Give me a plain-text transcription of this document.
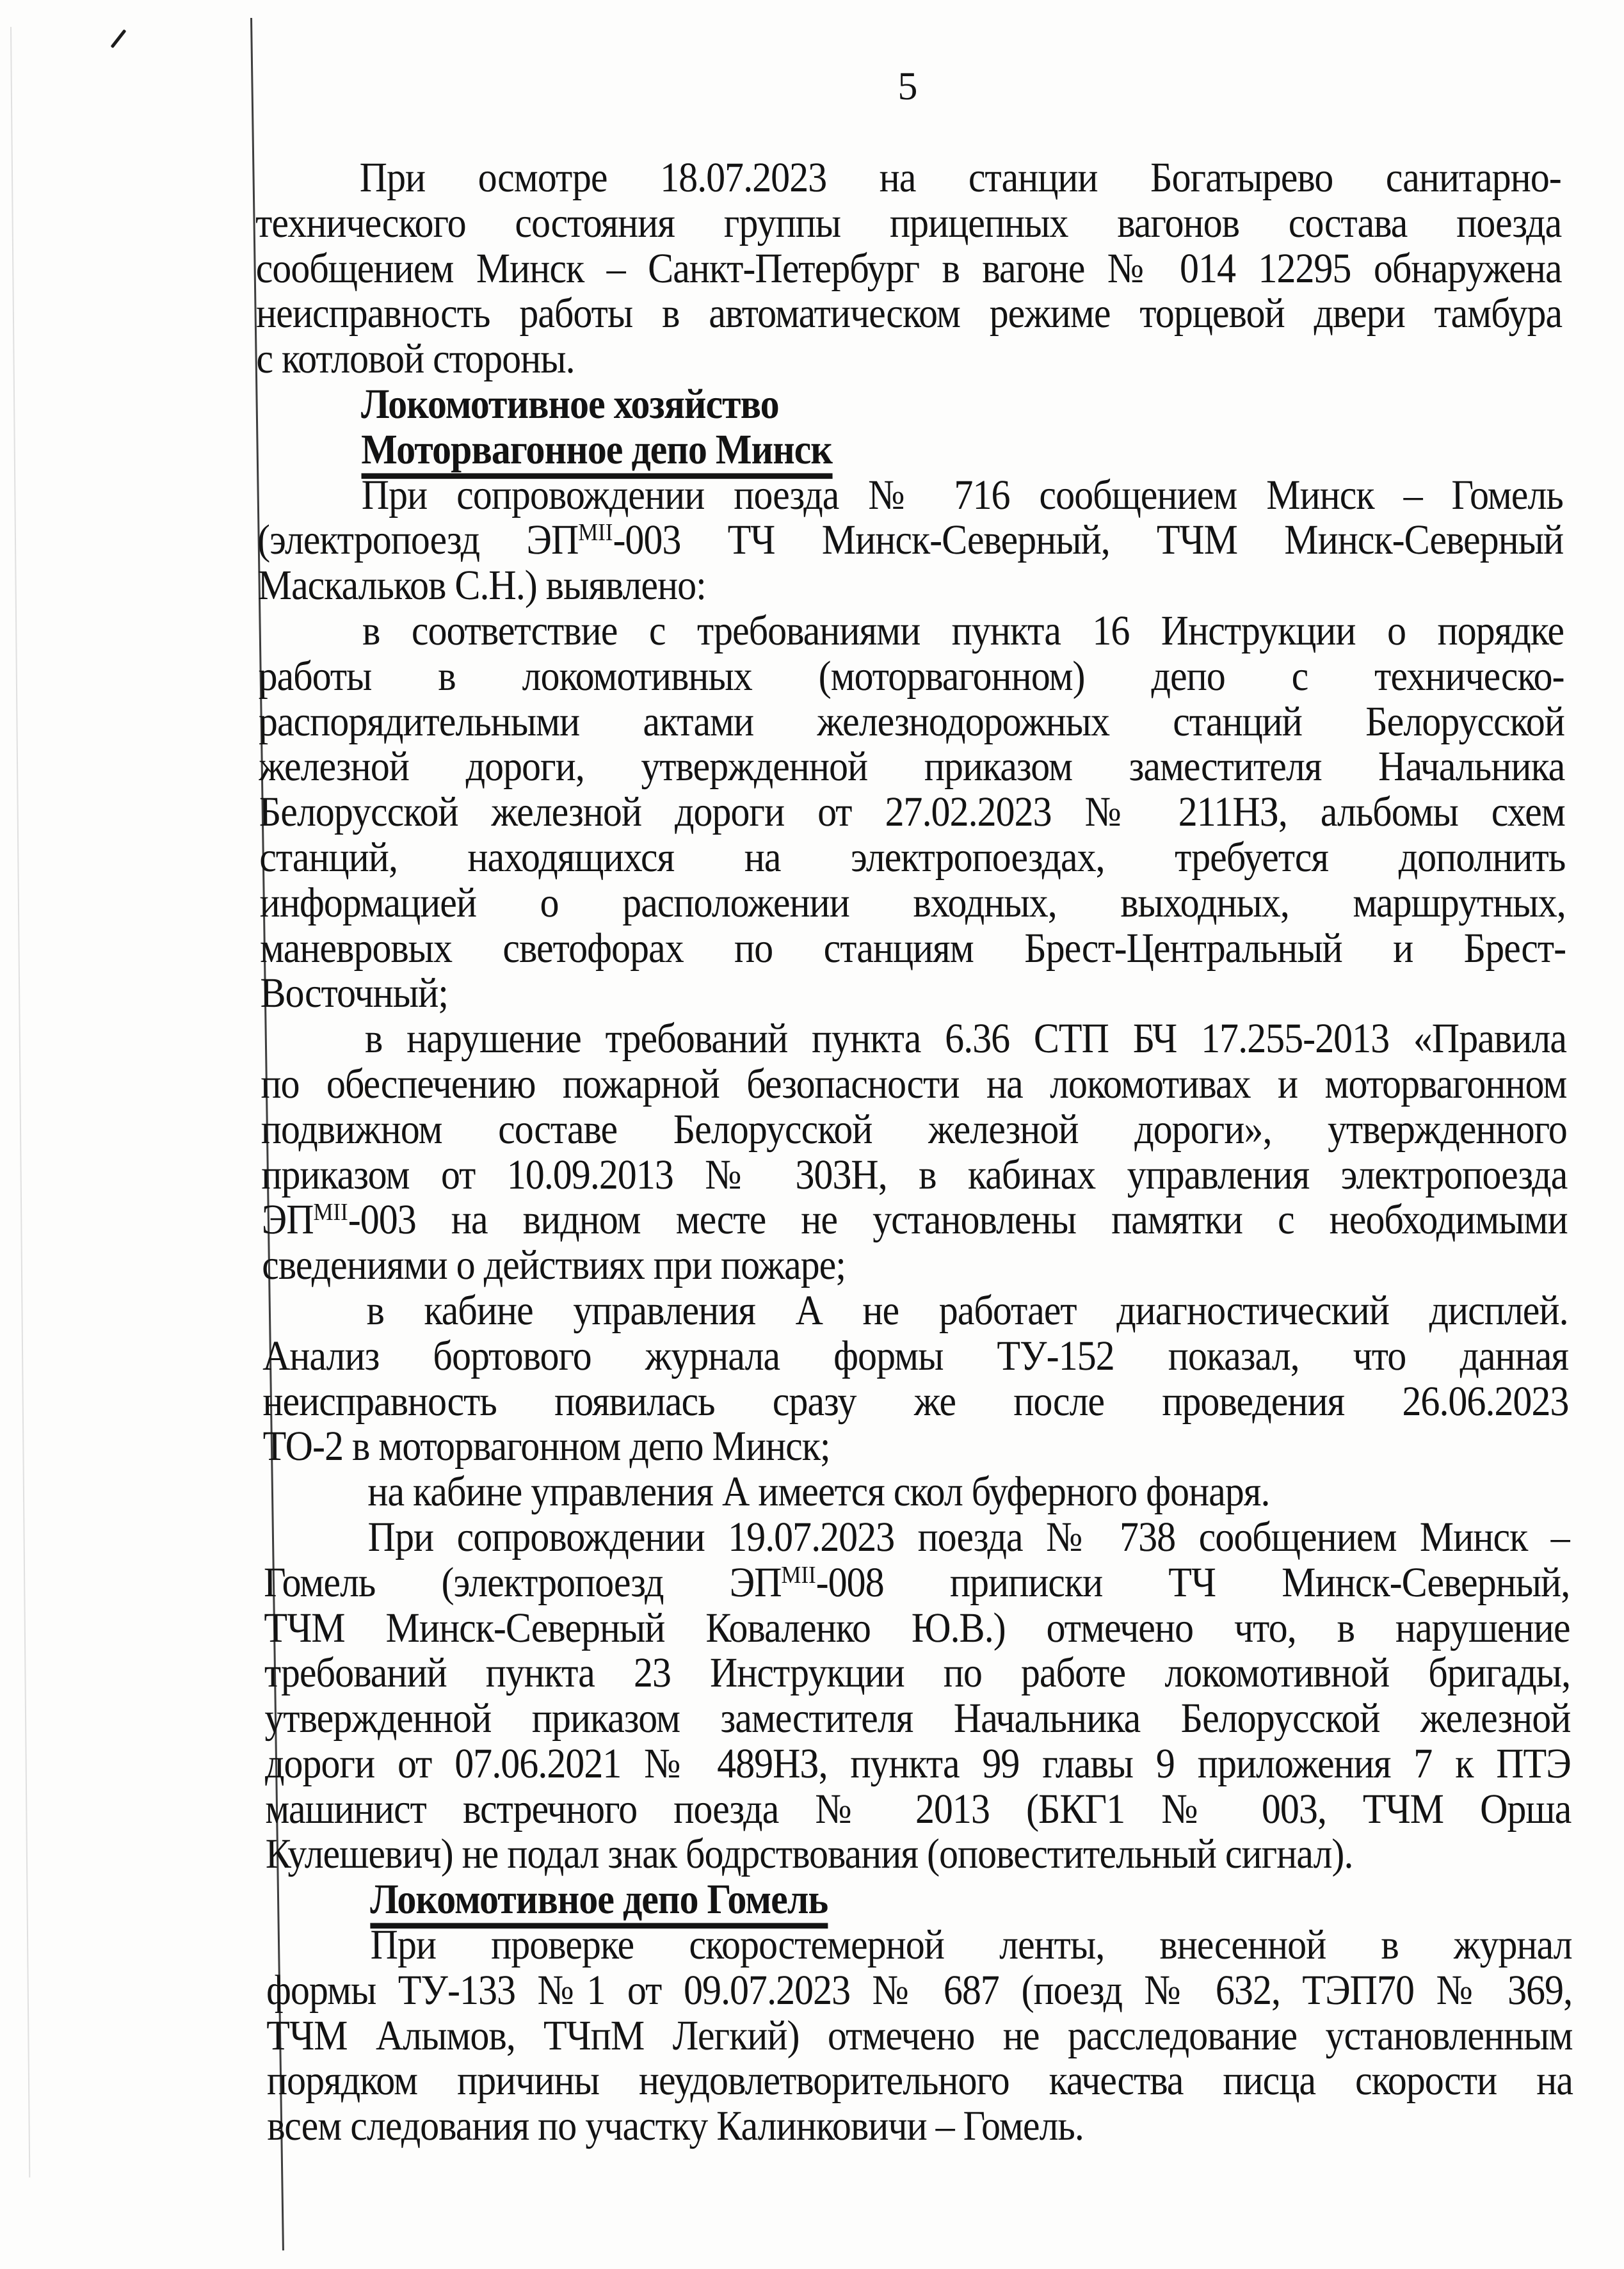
5
При осмотре 18.07.2023 на станции Богатырево санитарно-
технического состояния группы прицепных вагонов состава поезда
сообщением Минск – Санкт-Петербург в вагоне № 014 12295 обнаружена
неисправность работы в автоматическом режиме торцевой двери тамбура
с котловой стороны.
Локомотивное хозяйство
Моторвагонное депо Минск
При сопровождении поезда № 716 сообщением Минск – Гомель
(электропоезд $ЭП^{МII}-003$ ТЧ Минск-Северный, ТЧМ Минск-Северный
Маскальков С.Н.) выявлено:
в соответствие с требованиями пункта 16 Инструкции о порядке
работы в локомотивных (моторвагонном) депо с техническо-
распорядительными актами железнодорожных станций Белорусской
железной дороги, утвержденной приказом заместителя Начальника
Белорусской железной дороги от 27.02.2023 № 211НЗ, альбомы схем
станций, находящихся на электропоездах, требуется дополнить
информацией о расположении входных, выходных, маршрутных,
маневровых светофорах по станциям Брест-Центральный и Брест-
Восточный;
в нарушение требований пункта 6.36 СТП БЧ 17.255-2013 «Правила
по обеспечению пожарной безопасности на локомотивах и моторвагонном
подвижном составе Белорусской железной дороги», утвержденного
приказом от 10.09.2013 № 303Н, в кабинах управления электропоезда
$ЭП^{МII}-003$ на видном месте не установлены памятки с необходимыми
сведениями о действиях при пожаре;
в кабине управления А не работает диагностический дисплей.
Анализ бортового журнала формы ТУ-152 показал, что данная
неисправность появилась сразу же после проведения 26.06.2023
ТО-2 в моторвагонном депо Минск;
на кабине управления А имеется скол буферного фонаря.
При сопровождении 19.07.2023 поезда № 738 сообщением Минск –
Гомель (электропоезд $ЭП^{МII}-008$ приписки ТЧ Минск-Северный,
ТЧМ Минск-Северный Коваленко Ю.В.) отмечено что, в нарушение
требований пункта 23 Инструкции по работе локомотивной бригады,
утвержденной приказом заместителя Начальника Белорусской железной
дороги от 07.06.2021 № 489НЗ, пункта 99 главы 9 приложения 7 к ПТЭ
машинист встречного поезда № 2013 (БКГ1 № 003, ТЧМ Орша
Кулешевич) не подал знак бодрствования (оповестительный сигнал).
Локомотивное депо Гомель
При проверке скоростемерной ленты, внесенной в журнал
формы ТУ-133 №1 от 09.07.2023 № 687 (поезд № 632, ТЭП70 № 369,
ТЧМ Алымов, ТЧпМ Легкий) отмечено не расследование установленным
порядком причины неудовлетворительного качества писца скорости на
всем следования по участку Калинковичи – Гомель.
